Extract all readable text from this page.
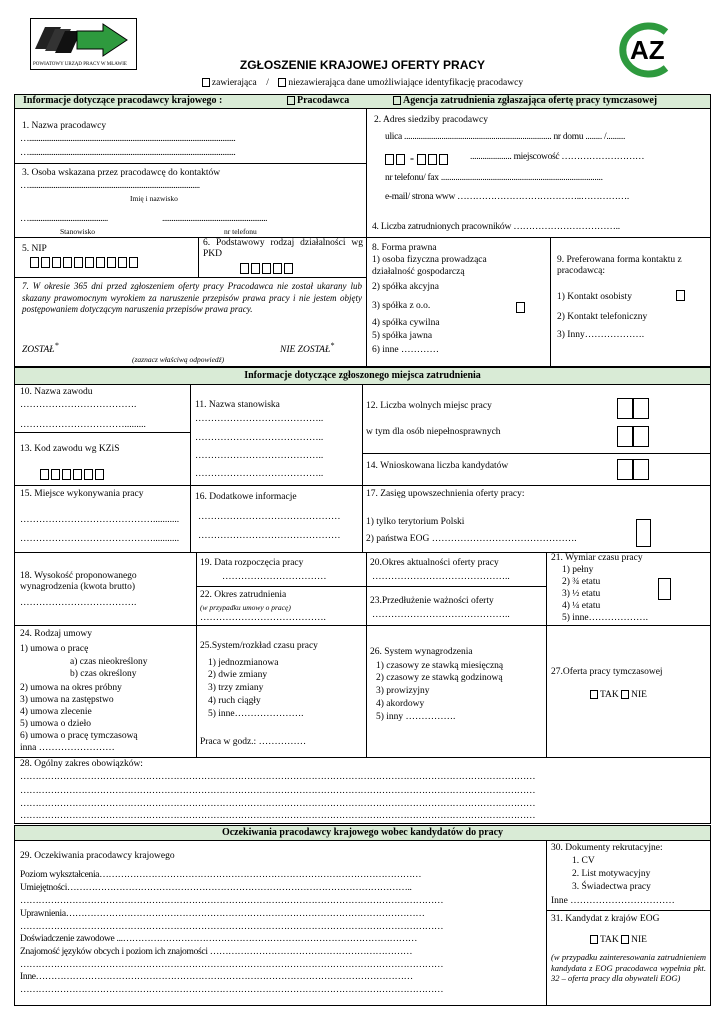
POWIATOWY URZĄD PRACY W MŁAWIE	AZ
ZGŁOSZENIE KRAJOWEJ OFERTY PRACY
zawierająca / niezawierająca dane umożliwiające identyfikację pracodawcy
Informacje dotyczące pracodawcy krajowego :	Pracodawca	Agencja zatrudnienia zgłaszająca ofertę pracy tymczasowej
1. Nazwa pracodawcy
…..............................................................................................................
…..............................................................................................................
3. Osoba wskazana przez pracodawcę do kontaktów
…...........................................................................................
Imię i nazwisko
…..........................................	........................................................
Stanowisko	nr telefonu
2. Adres siedziby pracodawcy
ulica ....................................................................... nr domu ........ /.........
-	.................... miejscowość ………………………
nr telefonu/ fax ..............................................................................
e-mail/ strona www …………………………………..…………….
4. Liczba zatrudnionych pracowników ……………………………..
5. NIP
6. Podstawowy rodzaj działalności wg PKD
7. W okresie 365 dni przed zgłoszeniem oferty pracy Pracodawca nie został ukarany lub skazany prawomocnym wyrokiem za naruszenie przepisów prawa pracy i nie jestem objęty postępowaniem dotyczącym naruszenia przepisów prawa pracy.
ZOSTAŁ*	NIE ZOSTAŁ*
(zaznacz właściwą odpowiedź)
8. Forma prawna
1) osoba fizyczna prowadząca
działalność gospodarczą
2) spółka akcyjna
3) spółka z o.o.
4) spółka cywilna
5) spółka jawna
6) inne …………
9. Preferowana forma kontaktu z pracodawcą:
1) Kontakt osobisty
2) Kontakt telefoniczny
3) Inny……………….
Informacje dotyczące zgłoszonego miejsca zatrudnienia
10. Nazwa zawodu
……………………………….
…………………………….........
13. Kod zawodu wg KZiS
11. Nazwa stanowiska
…………………………………..
…………………………………..
…………………………………..
…………………………………..
12. Liczba wolnych miejsc pracy
w tym dla osób niepełnosprawnych
14. Wnioskowana liczba kandydatów
15. Miejsce wykonywania pracy
……………………………………...........
……………………………………...........
16. Dodatkowe informacje
………………………………………
………………………………………
17. Zasięg upowszechnienia oferty pracy:
1) tylko terytorium Polski
2) państwa EOG ……………………………………….
18. Wysokość proponowanego wynagrodzenia (kwota brutto)
……………………………….
19. Data rozpoczęcia pracy
……………………………
22. Okres zatrudnienia
(w przypadku umowy o pracę)
………………………………….
20.Okres aktualności oferty pracy
……………………………………..
23.Przedłużenie ważności oferty
……………………………………..
21. Wymiar czasu pracy
1) pełny
2) ¾ etatu
3) ½ etatu
4) ¼ etatu
5) inne……………….
24. Rodzaj umowy
1) umowa o pracę
a) czas nieokreślony
b) czas określony
2) umowa na okres próbny
3) umowa na zastępstwo
4) umowa zlecenie
5) umowa o dzieło
6) umowa o pracę tymczasową
inna ……………………
25.System/rozkład czasu pracy
1) jednozmianowa
2) dwie zmiany
3) trzy zmiany
4) ruch ciągły
5) inne………………….
Praca w godz.: ……………
26. System wynagrodzenia
1) czasowy ze stawką miesięczną
2) czasowy ze stawką godzinową
3) prowizyjny
4) akordowy
5) inny …………….
27.Oferta pracy tymczasowej
TAK NIE
28. Ogólny zakres obowiązków:
……………………………………………………………………………………………………………………………………………………
……………………………………………………………………………………………………………………………………………………
……………………………………………………………………………………………………………………………………………………
……………………………………………………………………………………………………………………………………………………
Oczekiwania pracodawcy krajowego wobec kandydatów do pracy
29. Oczekiwania pracodawcy krajowego
Poziom wykształcenia……………………………………………………………………………………………
Umiejętności…………………………………………………………………………………………………..
…………………………………………………………………………………………………………………………
Uprawnienia………………………………………………………………………………………………………
…………………………………………………………………………………………………………………………
Doświadczenie zawodowe ...……………………………………………………………………………………
Znajomość języków obcych i poziom ich znajomości …………………………………………………………
…………………………………………………………………………………………………………………………
Inne……………………………………………………………………………………………………………
…………………………………………………………………………………………………………………………
30. Dokumenty rekrutacyjne:
1. CV
2. List motywacyjny
3. Świadectwa pracy
Inne ……………………………
31. Kandydat z krajów EOG
TAK NIE
(w przypadku zainteresowania zatrudnieniem kandydata z EOG pracodawca wypełnia pkt. 32 – oferta pracy dla obywateli EOG)
